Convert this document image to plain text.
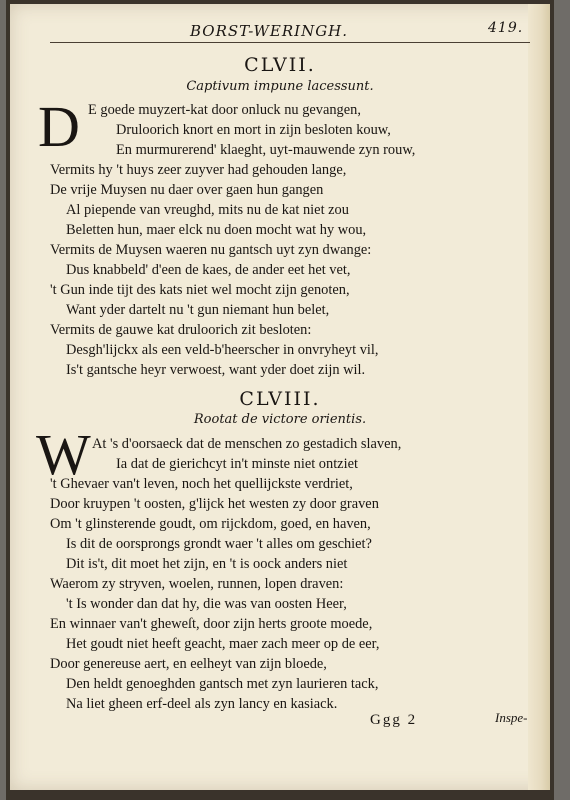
BORST-WERINGH.	419.
CLVII.
Captivum impune lacessunt.
D E goede muyzert-kat door onluck nu gevangen,
Druloorich knort en mort in zijn besloten kouw,
En murmurerend' klaeght, uyt-mauwende zyn rouw,
Vermits hy 't huys zeer zuyver had gehouden lange,
De vrije Muysen nu daer over gaen hun gangen
Al piepende van vreughd, mits nu de kat niet zou
Beletten hun, maer elck nu doen mocht wat hy wou,
Vermits de Muysen waeren nu gantsch uyt zyn dwange:
Dus knabbeld' d'een de kaes, de ander eet het vet,
't Gun inde tijt des kats niet wel mocht zijn genoten,
Want yder dartelt nu 't gun niemant hun belet,
Vermits de gauwe kat druloorich zit besloten:
Desgh'lijckx als een veld-b'heerscher in onvryheyt vil,
Is't gantsche heyr verwoest, want yder doet zijn wil.
CLVIII.
Rootat de victore orientis.
W At 's d'oorsaeck dat de menschen zo gestadich slaven,
Ia dat de gierichcyt in't minste niet ontziet
't Ghevaer van't leven, noch het quellijckste verdriet,
Door kruypen 't oosten, g'lijck het westen zy door graven
Om 't glinsterende goudt, om rijckdom, goed, en haven,
Is dit de oorsprongs grondt waer 't alles om geschiet?
Dit is't, dit moet het zijn, en 't is oock anders niet
Waerom zy stryven, woelen, runnen, lopen draven:
't Is wonder dan dat hy, die was van oosten Heer,
En winnaer van't gheweſt, door zijn herts groote moede,
Het goudt niet heeft geacht, maer zach meer op de eer,
Door genereuse aert, en eelheyt van zijn bloede,
Den heldt genoeghden gantsch met zyn laurieren tack,
Na liet gheen erf-deel als zyn lancy en kasiack.
Ggg 2	Inspe-
